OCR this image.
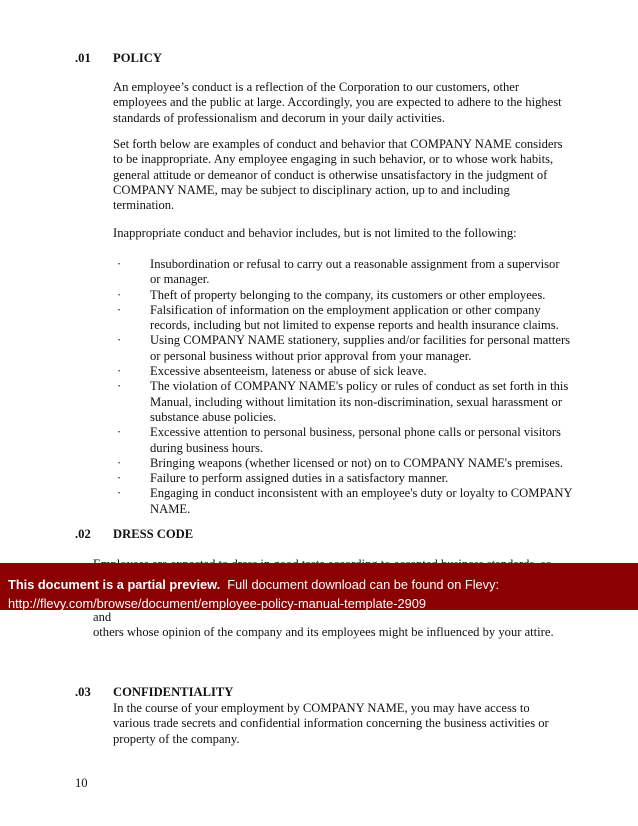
.01 POLICY

An employee’s conduct is a reflection of the Corporation to our customers, other employees and the public at large. Accordingly, you are expected to adhere to the highest standards of professionalism and decorum in your daily activities.

Set forth below are examples of conduct and behavior that COMPANY NAME considers to be inappropriate. Any employee engaging in such behavior, or to whose work habits, general attitude or demeanor of conduct is otherwise unsatisfactory in the judgment of COMPANY NAME, may be subject to disciplinary action, up to and including termination.

Inappropriate conduct and behavior includes, but is not limited to the following:

· Insubordination or refusal to carry out a reasonable assignment from a supervisor or manager.
· Theft of property belonging to the company, its customers or other employees.
· Falsification of information on the employment application or other company records, including but not limited to expense reports and health insurance claims.
· Using COMPANY NAME stationery, supplies and/or facilities for personal matters or personal business without prior approval from your manager.
· Excessive absenteeism, lateness or abuse of sick leave.
· The violation of COMPANY NAME's policy or rules of conduct as set forth in this Manual, including without limitation its non-discrimination, sexual harassment or substance abuse policies.
· Excessive attention to personal business, personal phone calls or personal visitors during business hours.
· Bringing weapons (whether licensed or not) on to COMPANY NAME's premises.
· Failure to perform assigned duties in a satisfactory manner.
· Engaging in conduct inconsistent with an employee's duty or loyalty to COMPANY NAME.
.02 DRESS CODE

and
others whose opinion of the company and its employees might be influenced by your attire.

This document is a partial preview. Full document download can be found on Flevy:
http://flevy.com/browse/document/employee-policy-manual-template-2909
.03 CONFIDENTIALITY

In the course of your employment by COMPANY NAME, you may have access to various trade secrets and confidential information concerning the business activities or property of the company.

10
